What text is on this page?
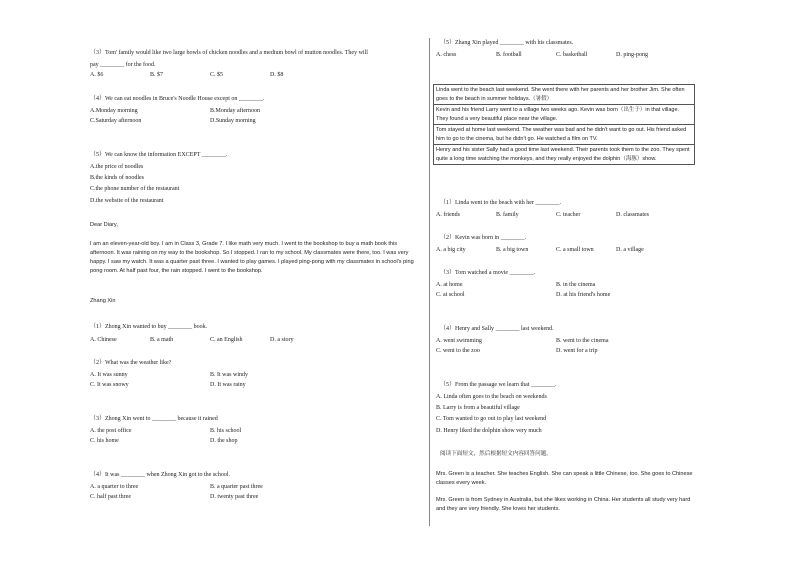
（3）Tom' family would like two large bowls of chicken noodles and a medium bowl of mutton noodles. They will
pay ________ for the food.
A. $6	B. $7	C. $5	D. $8
（4）We can eat noodles in Bruce's Noodle House except on ________.
A.Monday morning	B.Monday afternoon
C.Saturday afternoon	D.Sunday morning
（5）We can know the information EXCEPT ________.
A.the price of noodles
B.the kinds of noodles
C.the phone number of the restaurant
D.the website of the restaurant
Dear Diary,
I am an eleven-year-old boy. I am in Class 3, Grade 7. I like math very much. I went to the bookshop to buy a math book this afternoon. It was raining on my way to the bookshop. So I stopped. I ran to my school. My classmates were there, too. I was very happy. I saw my watch. It was a quarter past three. I wanted to play games. I played ping-pong with my classmates in school's ping pong room. At half past four, the rain stopped. I went to the bookshop.
Zhang Xin
（1）Zhong Xin wanted to buy ________ book.
A. Chinese	B. a math	C. an English	D. a story
（2）What was the weather like?
A. It was sunny	B. It was windy
C. It was snowy	D. It was rainy
（3）Zhong Xin went to ________ because it rained
A. the post office	B. his school
C. his home	D. the shop
（4）It was ________ when Zhong Xin got to the school.
A. a quarter to three	B. a quarter past three
C. half past three	D. twenty past three
（5）Zhang Xin played ________ with his classmates.
A. chess	B. football	C. basketball	D. ping-pong
Linda went to the beach last weekend. She went there with her parents and her brother Jim. She often goes to the beach in summer holidays.（暑假）
Kevin and his friend Larry went to a village two weeks ago. Kevin was born（出生于）in that village. They found a very beautiful place near the village.
Tom stayed at home last weekend. The weather was bad and he didn't want to go out. His friend asked him to go to the cinema, but he didn't go. He watched a film on TV.
Henry and his sister Sally had a good time last weekend. Their parents took them to the zoo. They spent quite a long time watching the monkeys, and they really enjoyed the dolphin（海豚）show.
（1）Linda went to the beach with her ________.
A. friends	B. family	C. teacher	D. classmates
（2）Kevin was born in ________.
A. a big city	B. a big town	C. a small town	D. a village
（3）Tom watched a movie ________.
A. at home	B. in the cinema
C. at school	D. at his friend's home
（4）Henry and Sally ________ last weekend.
A. went swimming	B. went to the cinema
C. went to the zoo	D. went for a trip
（5）From the passage we learn that ________.
A. Linda often goes to the beach on weekends
B. Larry is from a beautiful village
C. Tom wanted to go out to play last weekend
D. Henry liked the dolphin show very much
阅读下面短文，然后根据短文内容回答问题。
Mrs. Green is a teacher. She teaches English. She can speak a little Chinese, too. She goes to Chinese classes every week.
Mrs. Green is from Sydney in Australia, but she likes working in China. Her students all study very hard and they are very friendly. She loves her students.
